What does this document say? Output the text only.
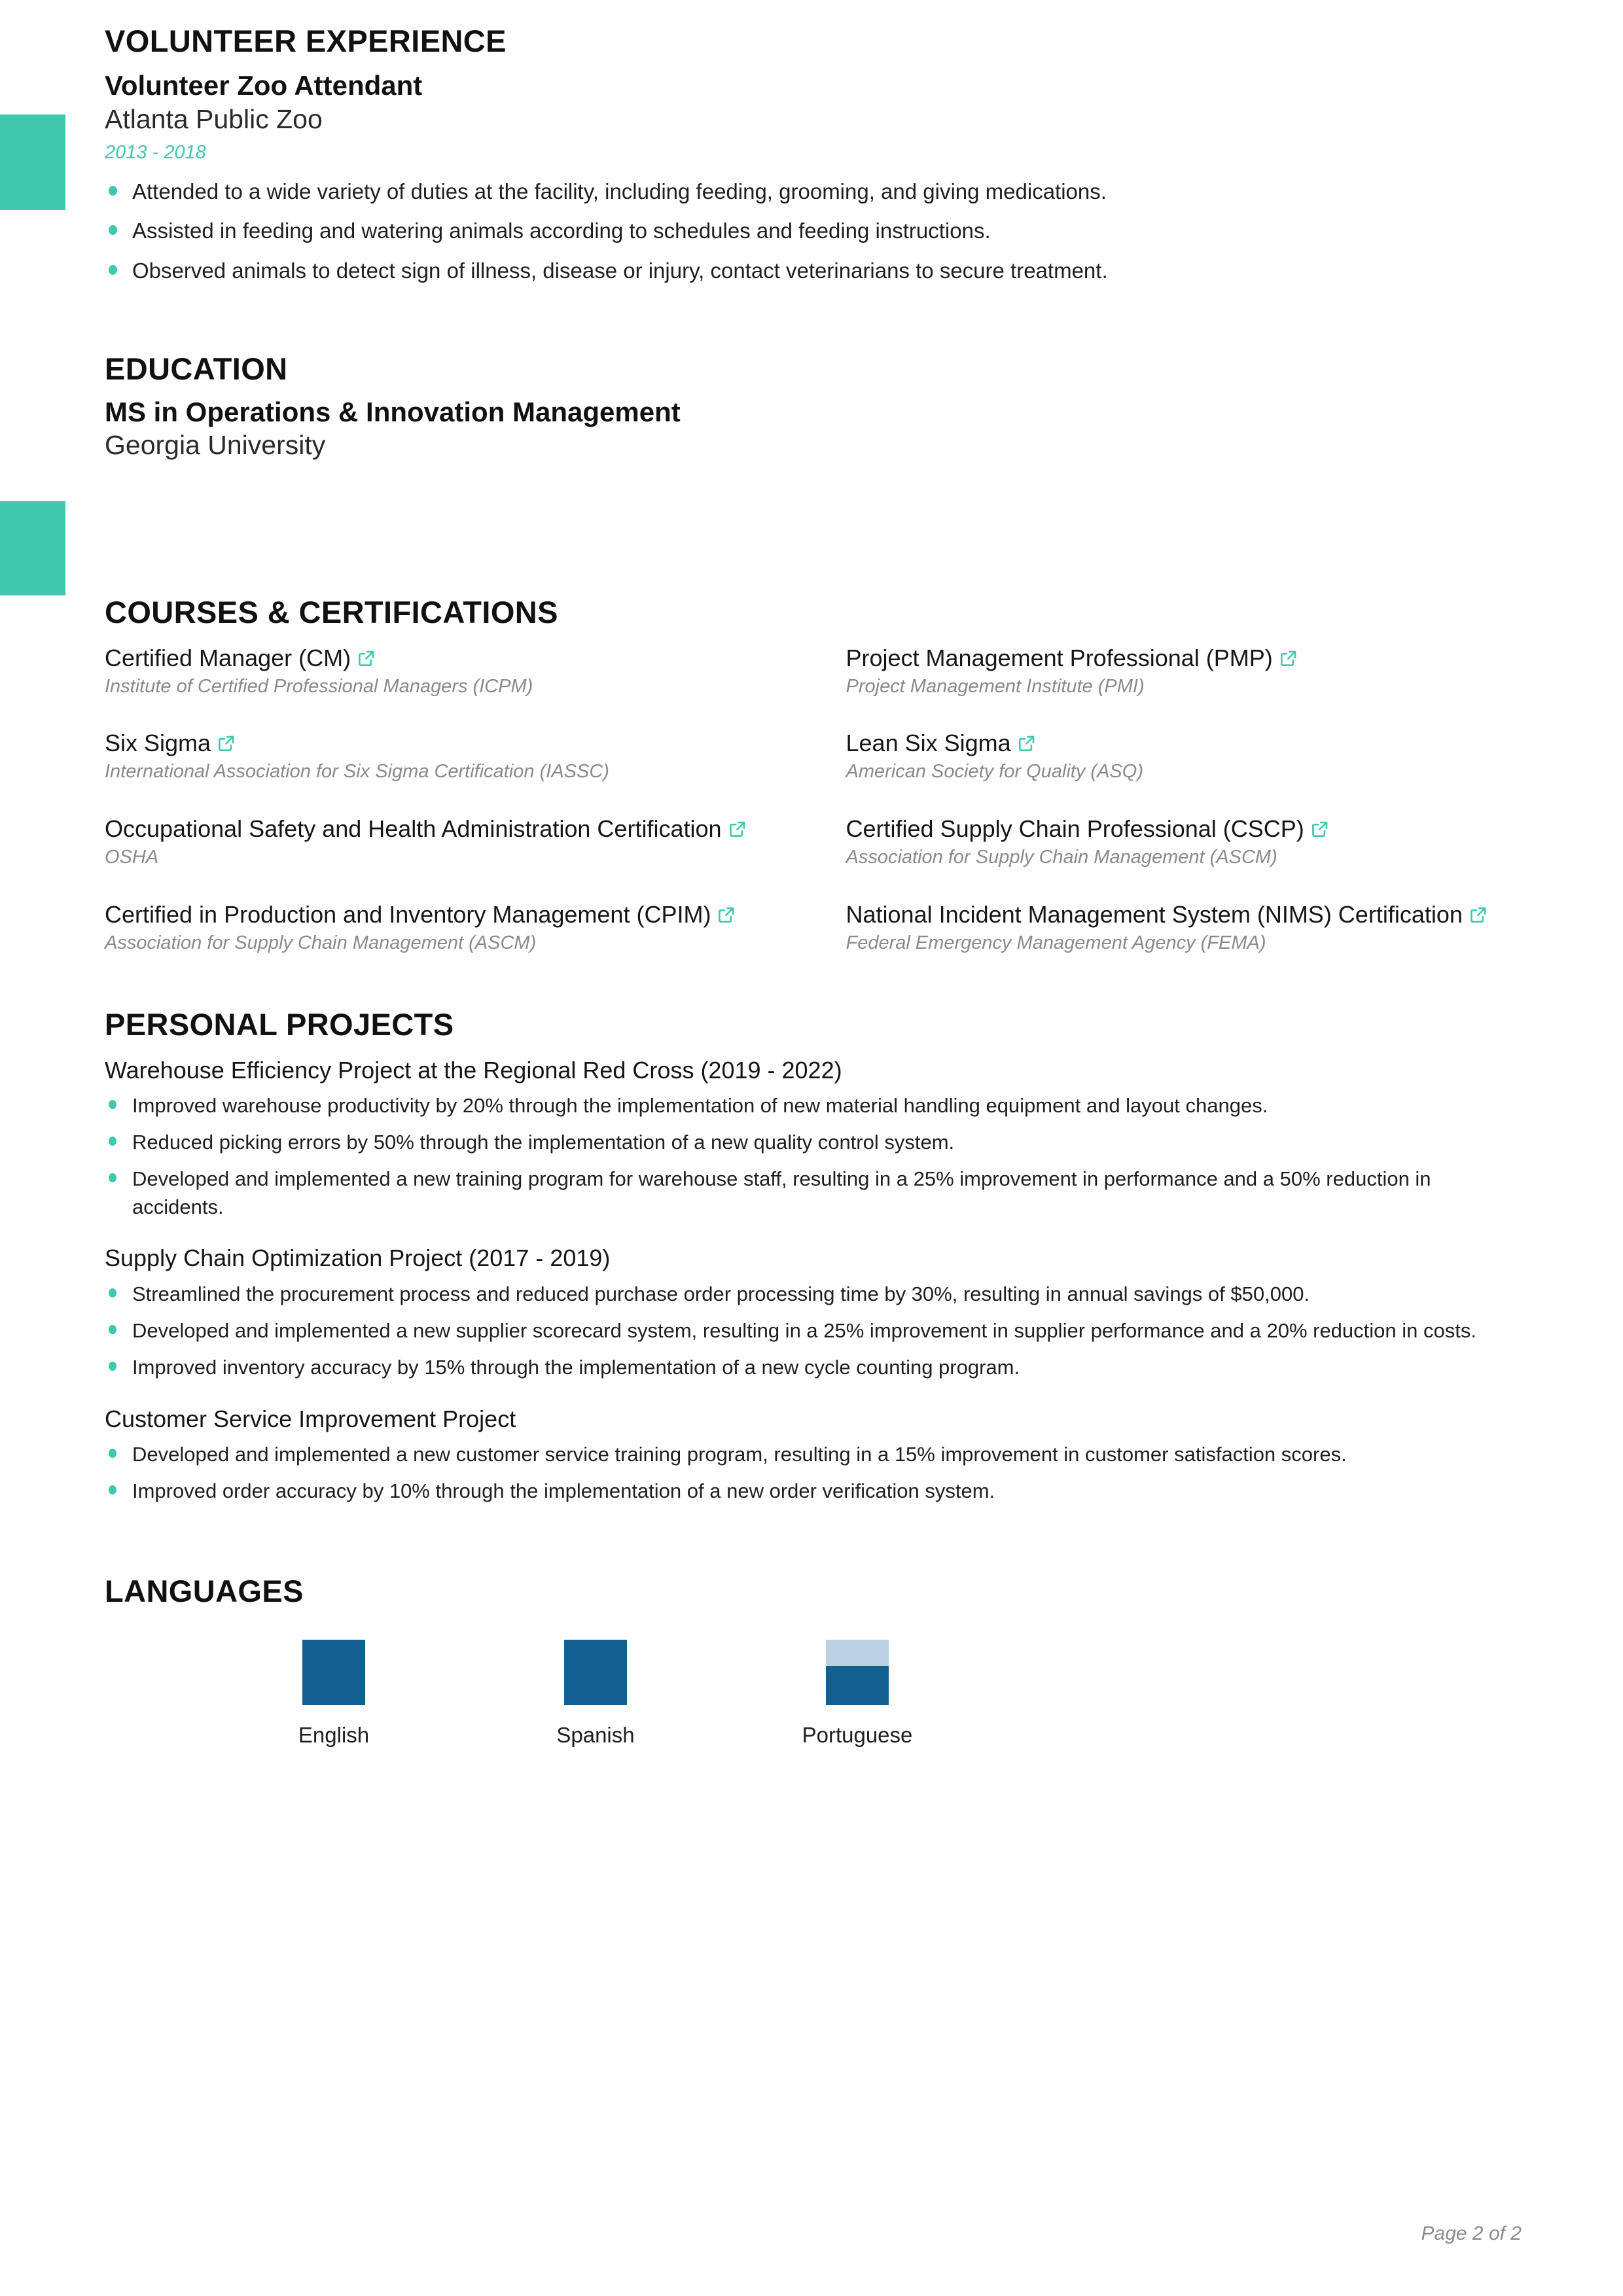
VOLUNTEER EXPERIENCE
Volunteer Zoo Attendant
Atlanta Public Zoo
2013 - 2018
Attended to a wide variety of duties at the facility, including feeding, grooming, and giving medications.
Assisted in feeding and watering animals according to schedules and feeding instructions.
Observed animals to detect sign of illness, disease or injury, contact veterinarians to secure treatment.
EDUCATION
MS in Operations & Innovation Management
Georgia University
COURSES & CERTIFICATIONS
Certified Manager (CM)
Institute of Certified Professional Managers (ICPM)
Six Sigma
International Association for Six Sigma Certification (IASSC)
Occupational Safety and Health Administration Certification
OSHA
Certified in Production and Inventory Management (CPIM)
Association for Supply Chain Management (ASCM)
Project Management Professional (PMP)
Project Management Institute (PMI)
Lean Six Sigma
American Society for Quality (ASQ)
Certified Supply Chain Professional (CSCP)
Association for Supply Chain Management (ASCM)
National Incident Management System (NIMS) Certification
Federal Emergency Management Agency (FEMA)
PERSONAL PROJECTS
Warehouse Efficiency Project at the Regional Red Cross (2019 - 2022)
Improved warehouse productivity by 20% through the implementation of new material handling equipment and layout changes.
Reduced picking errors by 50% through the implementation of a new quality control system.
Developed and implemented a new training program for warehouse staff, resulting in a 25% improvement in performance and a 50% reduction in accidents.
Supply Chain Optimization Project (2017 - 2019)
Streamlined the procurement process and reduced purchase order processing time by 30%, resulting in annual savings of $50,000.
Developed and implemented a new supplier scorecard system, resulting in a 25% improvement in supplier performance and a 20% reduction in costs.
Improved inventory accuracy by 15% through the implementation of a new cycle counting program.
Customer Service Improvement Project
Developed and implemented a new customer service training program, resulting in a 15% improvement in customer satisfaction scores.
Improved order accuracy by 10% through the implementation of a new order verification system.
LANGUAGES
English	Spanish	Portuguese
Page 2 of 2
